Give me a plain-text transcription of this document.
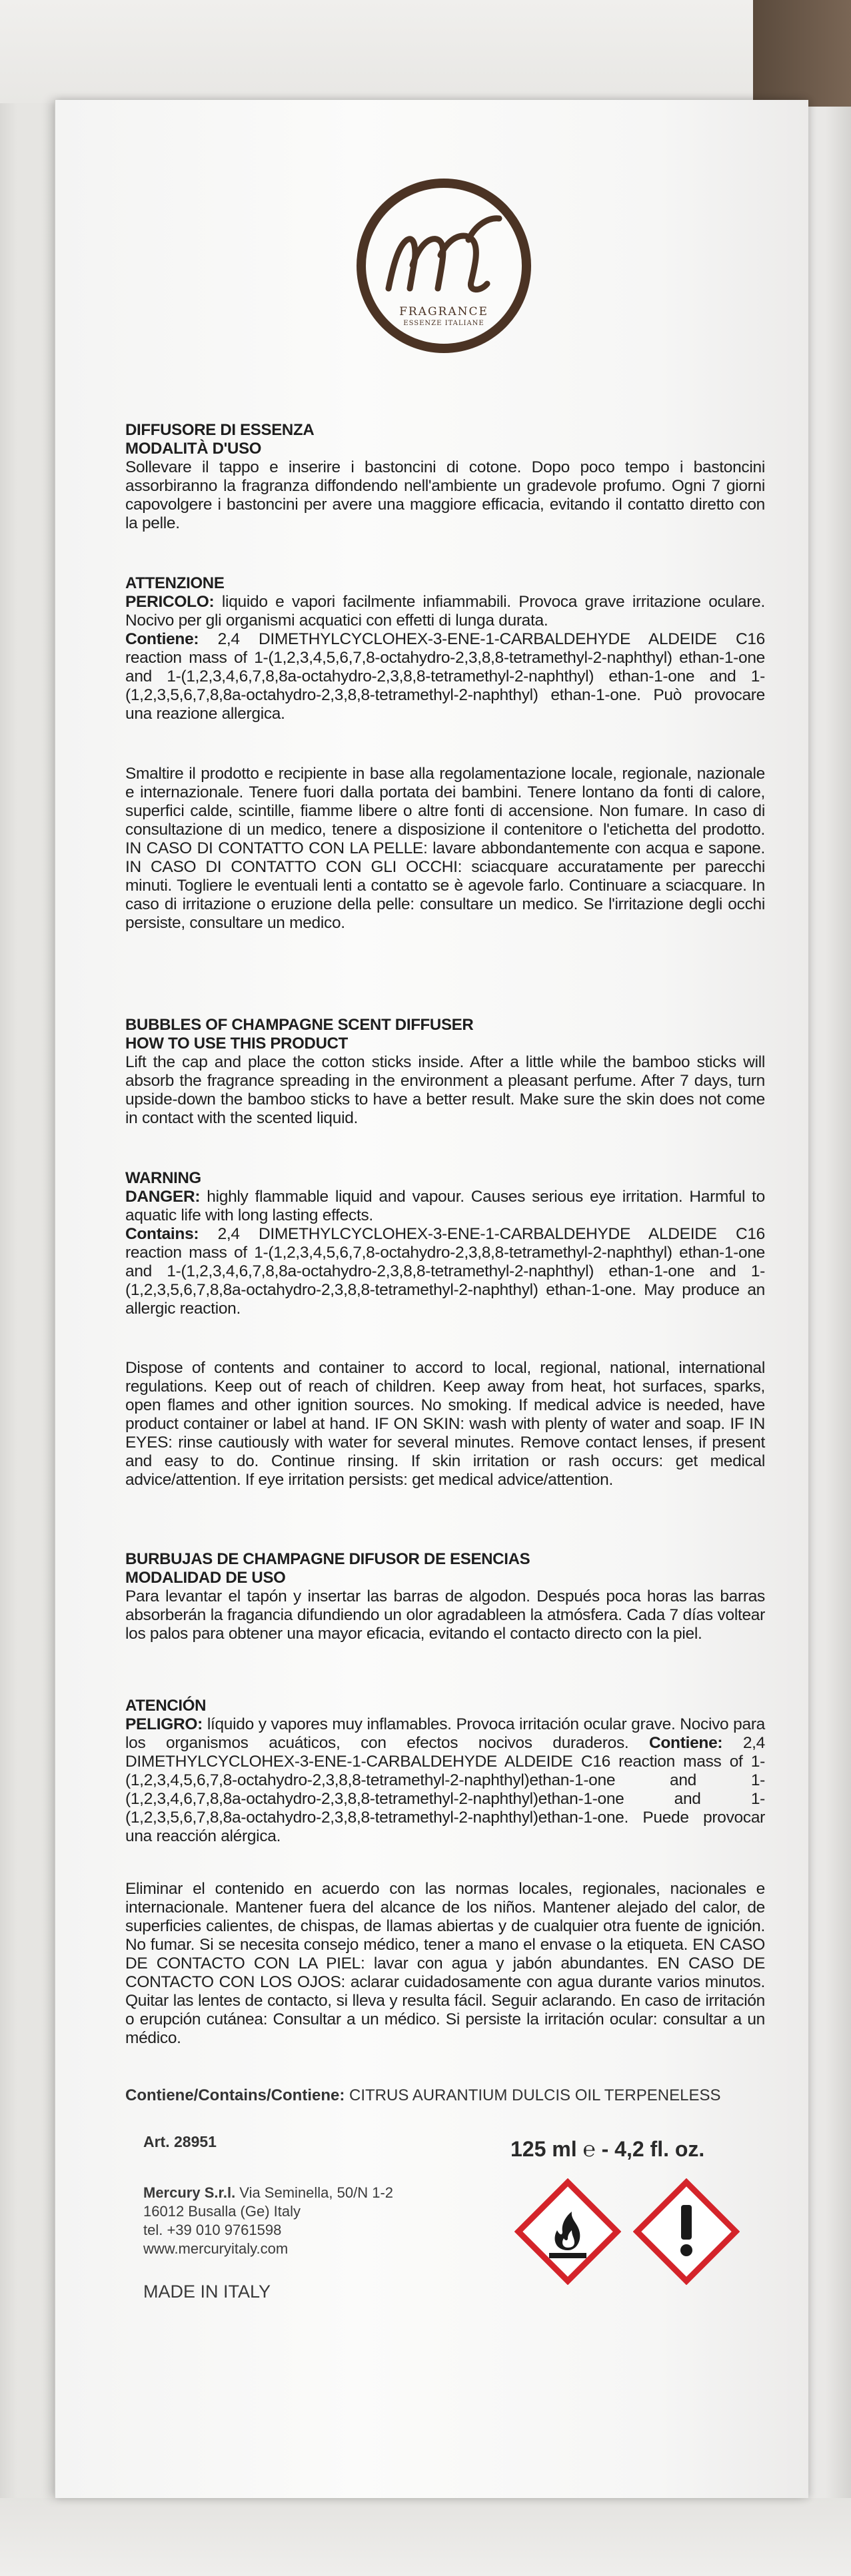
FRAGRANCE
ESSENZE ITALIANE
DIFFUSORE DI ESSENZA
MODALITÀ D'USO

Sollevare il tappo e inserire i bastoncini di cotone. Dopo poco tempo i bastoncini assorbiranno la fragranza diffondendo nell'ambiente un gradevole profumo. Ogni 7 giorni capovolgere i bastoncini per avere una maggiore efficacia, evitando il contatto diretto con la pelle.

ATTENZIONE

PERICOLO: liquido e vapori facilmente infiammabili. Provoca grave irritazione oculare. Nocivo per gli organismi acquatici con effetti di lunga durata.

Contiene: 2,4 DIMETHYLCYCLOHEX-3-ENE-1-CARBALDEHYDE ALDEIDE C16 reaction mass of 1-(1,2,3,4,5,6,7,8-octahydro-2,3,8,8-tetramethyl-2-naphthyl) ethan-1-one and 1-(1,2,3,4,6,7,8,8a-octahydro-2,3,8,8-tetramethyl-2-naphthyl) ethan-1-one and 1-(1,2,3,5,6,7,8,8a-octahydro-2,3,8,8-tetramethyl-2-naphthyl) ethan-1-one. Può provocare una reazione allergica.

Smaltire il prodotto e recipiente in base alla regolamentazione locale, regionale, nazionale e internazionale. Tenere fuori dalla portata dei bambini. Tenere lontano da fonti di calore, superfici calde, scintille, fiamme libere o altre fonti di accensione. Non fumare. In caso di consultazione di un medico, tenere a disposizione il contenitore o l'etichetta del prodotto. IN CASO DI CONTATTO CON LA PELLE: lavare abbondantemente con acqua e sapone. IN CASO DI CONTATTO CON GLI OCCHI: sciacquare accuratamente per parecchi minuti. Togliere le eventuali lenti a contatto se è agevole farlo. Continuare a sciacquare. In caso di irritazione o eruzione della pelle: consultare un medico. Se l'irritazione degli occhi persiste, consultare un medico.

BUBBLES OF CHAMPAGNE SCENT DIFFUSER
HOW TO USE THIS PRODUCT

Lift the cap and place the cotton sticks inside. After a little while the bamboo sticks will absorb the fragrance spreading in the environment a pleasant perfume. After 7 days, turn upside-down the bamboo sticks to have a better result. Make sure the skin does not come in contact with the scented liquid.

WARNING

DANGER: highly flammable liquid and vapour. Causes serious eye irritation. Harmful to aquatic life with long lasting effects.

Contains: 2,4 DIMETHYLCYCLOHEX-3-ENE-1-CARBALDEHYDE ALDEIDE C16 reaction mass of 1-(1,2,3,4,5,6,7,8-octahydro-2,3,8,8-tetramethyl-2-naphthyl) ethan-1-one and 1-(1,2,3,4,6,7,8,8a-octahydro-2,3,8,8-tetramethyl-2-naphthyl) ethan-1-one and 1-(1,2,3,5,6,7,8,8a-octahydro-2,3,8,8-tetramethyl-2-naphthyl) ethan-1-one. May produce an allergic reaction.

Dispose of contents and container to accord to local, regional, national, international regulations. Keep out of reach of children. Keep away from heat, hot surfaces, sparks, open flames and other ignition sources. No smoking. If medical advice is needed, have product container or label at hand. IF ON SKIN: wash with plenty of water and soap. IF IN EYES: rinse cautiously with water for several minutes. Remove contact lenses, if present and easy to do. Continue rinsing. If skin irritation or rash occurs: get medical advice/attention. If eye irritation persists: get medical advice/attention.

BURBUJAS DE CHAMPAGNE DIFUSOR DE ESENCIAS
MODALIDAD DE USO

Para levantar el tapón y insertar las barras de algodon. Después poca horas las barras absorberán la fragancia difundiendo un olor agradableen la atmósfera. Cada 7 días voltear los palos para obtener una mayor eficacia, evitando el contacto directo con la piel.

ATENCIÓN

PELIGRO: líquido y vapores muy inflamables. Provoca irritación ocular grave. Nocivo para los organismos acuáticos, con efectos nocivos duraderos. Contiene: 2,4 DIMETHYLCYCLOHEX-3-ENE-1-CARBALDEHYDE ALDEIDE C16 reaction mass of 1-(1,2,3,4,5,6,7,8-octahydro-2,3,8,8-tetramethyl-2-naphthyl)ethan-1-one and 1-(1,2,3,4,6,7,8,8a-octahydro-2,3,8,8-tetramethyl-2-naphthyl)ethan-1-one and 1-(1,2,3,5,6,7,8,8a-octahydro-2,3,8,8-tetramethyl-2-naphthyl)ethan-1-one. Puede provocar una reacción alérgica.

Eliminar el contenido en acuerdo con las normas locales, regionales, nacionales e internacionale. Mantener fuera del alcance de los niños. Mantener alejado del calor, de superficies calientes, de chispas, de llamas abiertas y de cualquier otra fuente de ignición. No fumar. Si se necesita consejo médico, tener a mano el envase o la etiqueta. EN CASO DE CONTACTO CON LA PIEL: lavar con agua y jabón abundantes. EN CASO DE CONTACTO CON LOS OJOS: aclarar cuidadosamente con agua durante varios minutos. Quitar las lentes de contacto, si lleva y resulta fácil. Seguir aclarando. En caso de irritación o erupción cutánea: Consultar a un médico. Si persiste la irritación ocular: consultar a un médico.

Contiene/Contains/Contiene: CITRUS AURANTIUM DULCIS OIL TERPENELESS
Art. 28951	125 ml ℮ - 4,2 fl. oz.
Mercury S.r.l. Via Seminella, 50/N 1-2
16012 Busalla (Ge) Italy
tel. +39 010 9761598
www.mercuryitaly.com
MADE IN ITALY
